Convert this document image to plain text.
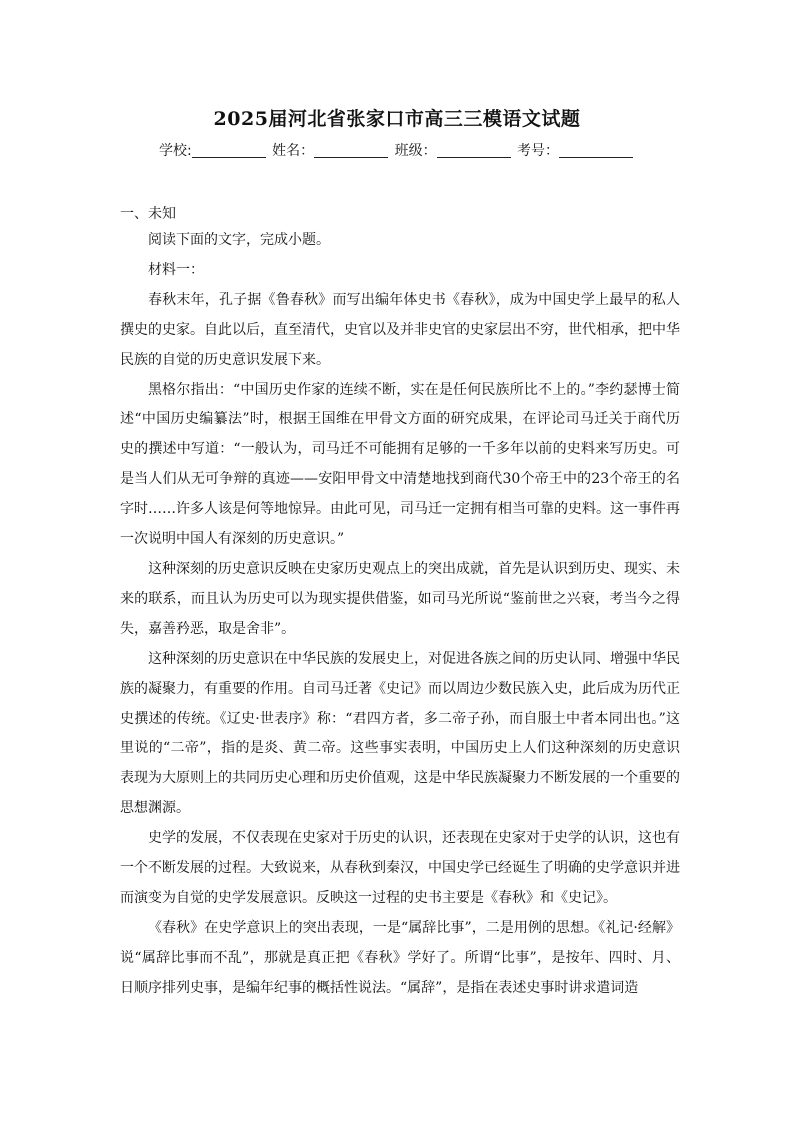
2025届河北省张家口市高三三模语文试题
学校:	姓名：	班级：	考号：
一、未知

阅读下面的文字，完成小题。

材料一：

春秋末年，孔子据《鲁春秋》而写出编年体史书《春秋》，成为中国史学上最早的私人撰史的史家。自此以后，直至清代，史官以及并非史官的史家层出不穷，世代相承，把中华民族的自觉的历史意识发展下来。

黑格尔指出：“中国历史作家的连续不断，实在是任何民族所比不上的。”李约瑟博士简述“中国历史编纂法”时，根据王国维在甲骨文方面的研究成果，在评论司马迁关于商代历史的撰述中写道：“一般认为，司马迁不可能拥有足够的一千多年以前的史料来写历史。可是当人们从无可争辩的真迹——安阳甲骨文中清楚地找到商代30个帝王中的23个帝王的名字时……许多人该是何等地惊异。由此可见，司马迁一定拥有相当可靠的史料。这一事件再一次说明中国人有深刻的历史意识。”

这种深刻的历史意识反映在史家历史观点上的突出成就，首先是认识到历史、现实、未来的联系，而且认为历史可以为现实提供借鉴，如司马光所说“鉴前世之兴衰，考当今之得失，嘉善矜恶，取是舍非”。

这种深刻的历史意识在中华民族的发展史上，对促进各族之间的历史认同、增强中华民族的凝聚力，有重要的作用。自司马迁著《史记》而以周边少数民族入史，此后成为历代正史撰述的传统。《辽史·世表序》称：“君四方者，多二帝子孙，而自服土中者本同出也。”这里说的“二帝”，指的是炎、黄二帝。这些事实表明，中国历史上人们这种深刻的历史意识表现为大原则上的共同历史心理和历史价值观，这是中华民族凝聚力不断发展的一个重要的思想渊源。

史学的发展，不仅表现在史家对于历史的认识，还表现在史家对于史学的认识，这也有一个不断发展的过程。大致说来，从春秋到秦汉，中国史学已经诞生了明确的史学意识并进而演变为自觉的史学发展意识。反映这一过程的史书主要是《春秋》和《史记》。

《春秋》在史学意识上的突出表现，一是“属辞比事”，二是用例的思想。《礼记·经解》说“属辞比事而不乱”，那就是真正把《春秋》学好了。所谓“比事”，是按年、四时、月、日顺序排列史事，是编年纪事的概括性说法。“属辞”，是指在表述史事时讲求遣词造
